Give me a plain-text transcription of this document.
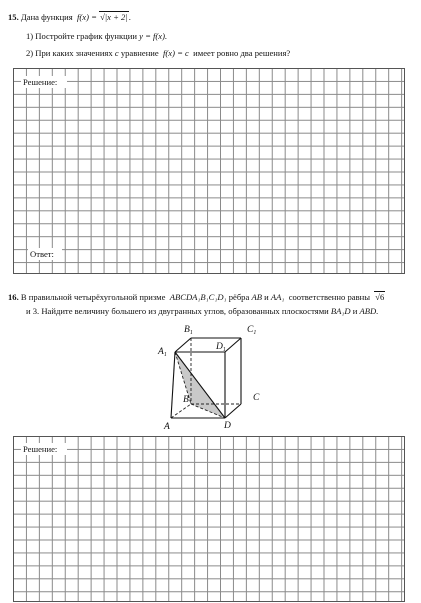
15. Дана функция f(x) = √|x + 2|.
1) Постройте график функции y = f(x).
2) При каких значениях c уравнение f(x) = c имеет ровно два решения?
Решение:
Ответ:
16. В правильной четырёхугольной призме ABCDA₁B₁C₁D₁ рёбра AB и AA₁ соответственно равны √6
и 3. Найдите величину большего из двугранных углов, образованных плоскостями BA₁D и ABD.
$B_1$	$C_1$
$D_1$
$A_1$
B	C
D
A
Решение:
